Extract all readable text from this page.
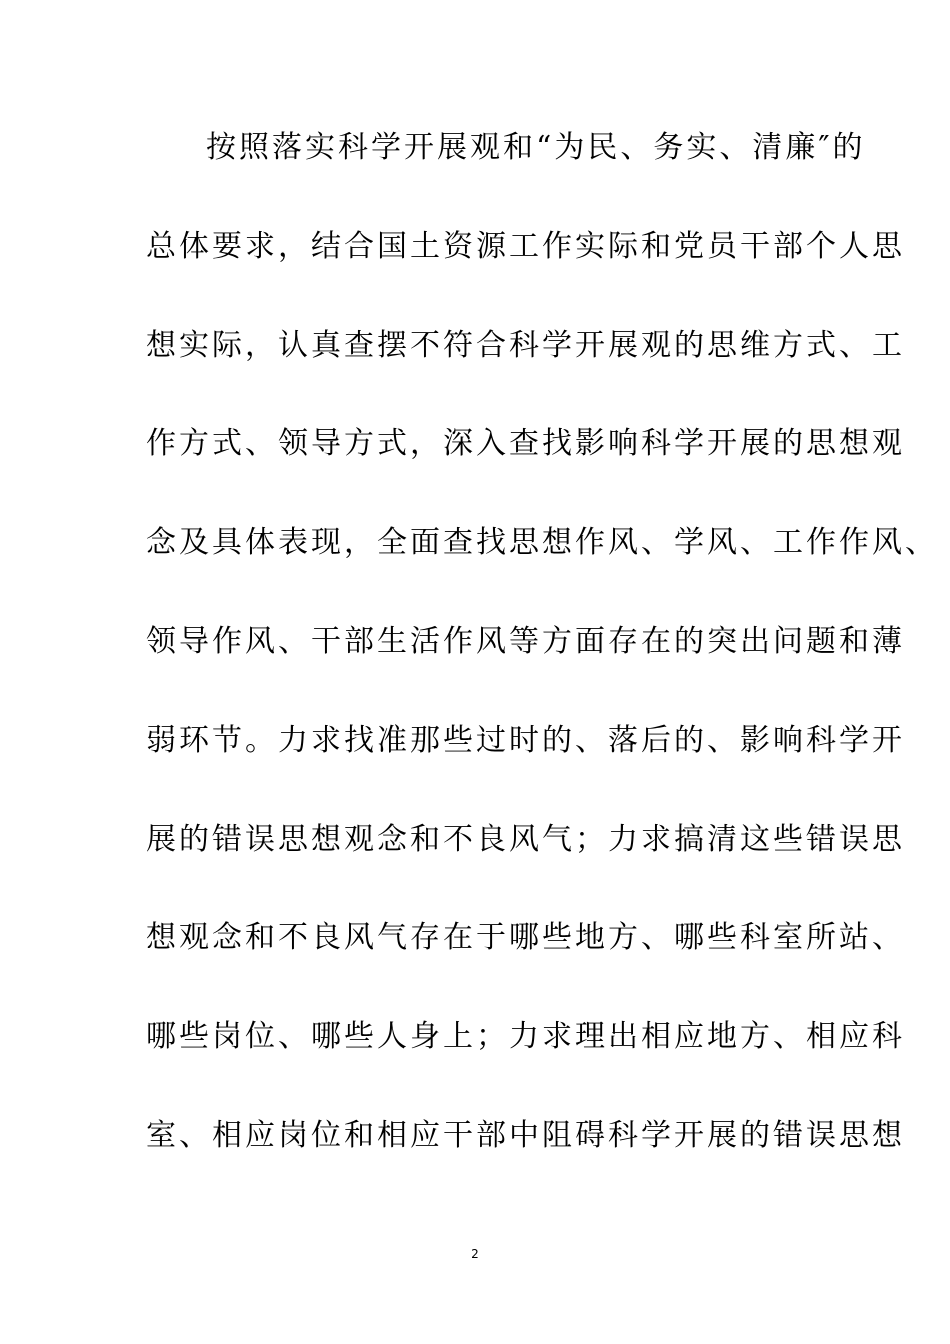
按照落实科学开展观和“为民、务实、清廉″的
总体要求，结合国土资源工作实际和党员干部个人思
想实际，认真查摆不符合科学开展观的思维方式、工
作方式、领导方式，深入查找影响科学开展的思想观
念及具体表现，全面查找思想作风、学风、工作作风、
领导作风、干部生活作风等方面存在的突出问题和薄
弱环节。力求找准那些过时的、落后的、影响科学开
展的错误思想观念和不良风气；力求搞清这些错误思
想观念和不良风气存在于哪些地方、哪些科室所站、
哪些岗位、哪些人身上；力求理出相应地方、相应科
室、相应岗位和相应干部中阻碍科学开展的错误思想
2
